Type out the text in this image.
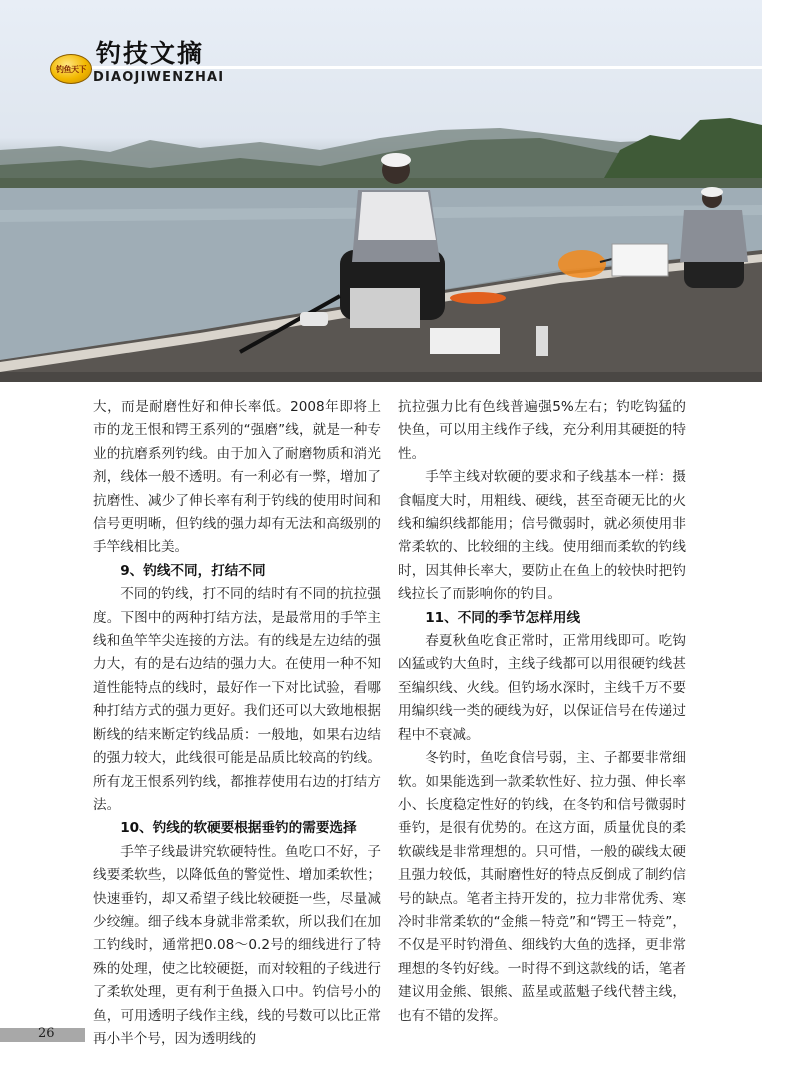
钓鱼天下
钓技文摘
DIAOJIWENZHAI

大，而是耐磨性好和伸长率低。2008年即将上市的龙王恨和锷王系列的“强磨”线，就是一种专业的抗磨系列钓线。由于加入了耐磨物质和消光剂，线体一般不透明。有一利必有一弊，增加了抗磨性、减少了伸长率有利于钓线的使用时间和信号更明晰，但钓线的强力却有无法和高级别的手竿线相比美。

9、钓线不同，打结不同

不同的钓线，打不同的结时有不同的抗拉强度。下图中的两种打结方法，是最常用的手竿主线和鱼竿竿尖连接的方法。有的线是左边结的强力大，有的是右边结的强力大。在使用一种不知道性能特点的线时，最好作一下对比试验，看哪种打结方式的强力更好。我们还可以大致地根据断线的结来断定钓线品质：一般地，如果右边结的强力较大，此线很可能是品质比较高的钓线。所有龙王恨系列钓线，都推荐使用右边的打结方法。

10、钓线的软硬要根据垂钓的需要选择

手竿子线最讲究软硬特性。鱼吃口不好，子线要柔软些，以降低鱼的警觉性、增加柔软性；快速垂钓，却又希望子线比较硬挺一些，尽量减少绞缠。细子线本身就非常柔软，所以我们在加工钓线时，通常把0.08～0.2号的细线进行了特殊的处理，使之比较硬挺，而对较粗的子线进行了柔软处理，更有利于鱼摄入口中。钓信号小的鱼，可用透明子线作主线，线的号数可以比正常再小半个号，因为透明线的

抗拉强力比有色线普遍强5%左右；钓吃钩猛的快鱼，可以用主线作子线，充分利用其硬挺的特性。

手竿主线对软硬的要求和子线基本一样：摄食幅度大时，用粗线、硬线，甚至奇硬无比的火线和编织线都能用；信号微弱时，就必须使用非常柔软的、比较细的主线。使用细而柔软的钓线时，因其伸长率大，要防止在鱼上的较快时把钓线拉长了而影响你的钓目。

11、不同的季节怎样用线

春夏秋鱼吃食正常时，正常用线即可。吃钩凶猛或钓大鱼时，主线子线都可以用很硬钓线甚至编织线、火线。但钓场水深时，主线千万不要用编织线一类的硬线为好，以保证信号在传递过程中不衰减。

冬钓时，鱼吃食信号弱，主、子都要非常细软。如果能选到一款柔软性好、拉力强、伸长率小、长度稳定性好的钓线，在冬钓和信号微弱时垂钓，是很有优势的。在这方面，质量优良的柔软碳线是非常理想的。只可惜，一般的碳线太硬且强力较低，其耐磨性好的特点反倒成了制约信号的缺点。笔者主持开发的，拉力非常优秀、寒冷时非常柔软的“金熊－特竞”和“锷王－特竞”，不仅是平时钓滑鱼、细线钓大鱼的选择，更非常理想的冬钓好线。一时得不到这款线的话，笔者建议用金熊、银熊、蓝星或蓝魁子线代替主线，也有不错的发挥。

26
